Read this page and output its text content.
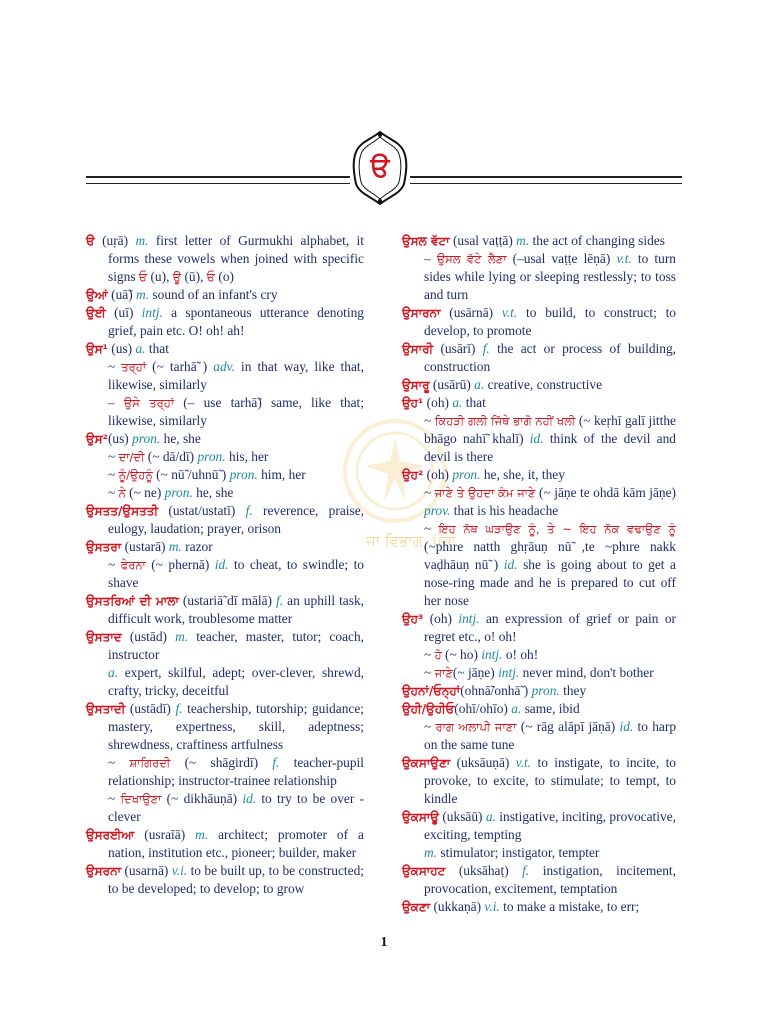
ੳ
ਜਾ ਵਿਭਾਗ, ਪੰਜਾ
ੳ (uṛā) m. first letter of Gurmukhi alphabet, it forms these vowels when joined with specific signs ਓ (u), ਊ (ū), ਓ (o)
ਉਆਂ (uā̃) m. sound of an infant's cry
ਉਈ (uī) intj. a spontaneous utterance denoting grief, pain etc. O! oh! ah!
ਉਸ¹ (us) a. that
~ ਤਰ੍ਹਾਂ (~ tarhā̃ ) adv. in that way, like that, likewise, similarly
– ਉਸੇ ਤਰ੍ਹਾਂ (– use tarhā̃) same, like that; likewise, similarly
ਉਸ²(us) pron. he, she
~ ਦਾ/ਦੀ (~ dā/dī) pron. his, her
~ ਨੂੰ/ਉਹਨੂੰ (~ nū̃ /uhnū̃ ) pron. him, her
~ ਨੇ (~ ne) pron. he, she
ਉਸਤਤ/ਉਸਤਤੀ (ustat/ustatī) f. reverence, praise, eulogy, laudation; prayer, orison
ਉਸਤਰਾ (ustarā) m. razor
~ ਫੇਰਨਾ (~ phernā) id. to cheat, to swindle; to shave
ਉਸਤਰਿਆਂ ਦੀ ਮਾਲਾ (ustariā̃ dī mālā) f. an uphill task, difficult work, troublesome matter
ਉਸਤਾਦ (ustād) m. teacher, master, tutor; coach, instructor
a. expert, skilful, adept; over-clever, shrewd, crafty, tricky, deceitful
ਉਸਤਾਦੀ (ustādī) f. teachership, tutorship; guidance; mastery, expertness, skill, adeptness; shrewdness, craftiness artfulness
~ ਸ਼ਾਗਿਰਦੀ (~ shāgirdī) f. teacher-pupil relationship; instructor-trainee relationship
~ ਦਿਖਾਉਣਾ (~ dikhāuṇā) id. to try to be over -clever
ਉਸਰਈਆ (usraīā) m. architect; promoter of a nation, institution etc., pioneer; builder, maker
ਉਸਰਨਾ (usarnā) v.i. to be built up, to be constructed; to be developed; to develop; to grow
ਉਸਲ ਵੱਟਾ (usal vaṭṭā) m. the act of changing sides
– ਉਸਲ ਵੱਟੇ ਲੈਣਾ (–usal vaṭṭe lēṇā) v.t. to turn sides while lying or sleeping restlessly; to toss and turn
ਉਸਾਰਨਾ (usārnā) v.t. to build, to construct; to develop, to promote
ਉਸਾਰੀ (usārī) f. the act or process of building, construction
ਉਸਾਰੂ (usārū) a. creative, constructive
ਉਹ¹ (oh) a. that
~ ਕਿਹੜੀ ਗਲੀ ਜਿੱਥੇ ਭਾਗੋ ਨਹੀਂ ਖਲੀ (~ keṛhī galī jitthe bhāgo nahī̃ khalī) id. think of the devil and devil is there
ਉਹ² (oh) pron. he, she, it, they
~ ਜਾਣੇ ਤੇ ਉਹਦਾ ਕੰਮ ਜਾਣੇ (~ jāṇe te ohdā kām jāṇe) prov. that is his headache
~ ਇਹ ਨੱਥ ਘੜਾਉਣ ਨੂੰ, ਤੇ ~ ਇਹ ਨੱਕ ਵਢਾਉਣ ਨੂੰ (~phıre natth ghṛāuṇ nū̃ ,te ~phıre nakk vaḍhāuṇ nū̃ ) id. she is going about to get a nose-ring made and he is prepared to cut off her nose
ਉਹ³ (oh) intj. an expression of grief or pain or regret etc., o! oh!
~ ਹੋ (~ ho) intj. o! oh!
~ ਜਾਣੇ(~ jāṇe) intj. never mind, don't bother
ਉਹਨਾਂ/ਓਨ੍ਹਾਂ(ohnā̃/onhā̃ ) pron. they
ਉਹੀ/ਉਹੀਓ(ohī/ohīo) a. same, ibid
~ ਰਾਗ ਅਲਾਪੀ ਜਾਣਾ (~ rāg alāpī jāṇā) id. to harp on the same tune
ਉਕਸਾਉਣਾ (uksāuṇā) v.t. to instigate, to incite, to provoke, to excite, to stimulate; to tempt, to kindle
ਉਕਸਾਊ (uksāū) a. instigative, inciting, provocative, exciting, tempting
m. stimulator; instigator, tempter
ਉਕਸਾਹਟ (uksāhaṭ) f. instigation, incitement, provocation, excitement, temptation
ਉਕਣਾ (ukkaṇā) v.i. to make a mistake, to err;
1
